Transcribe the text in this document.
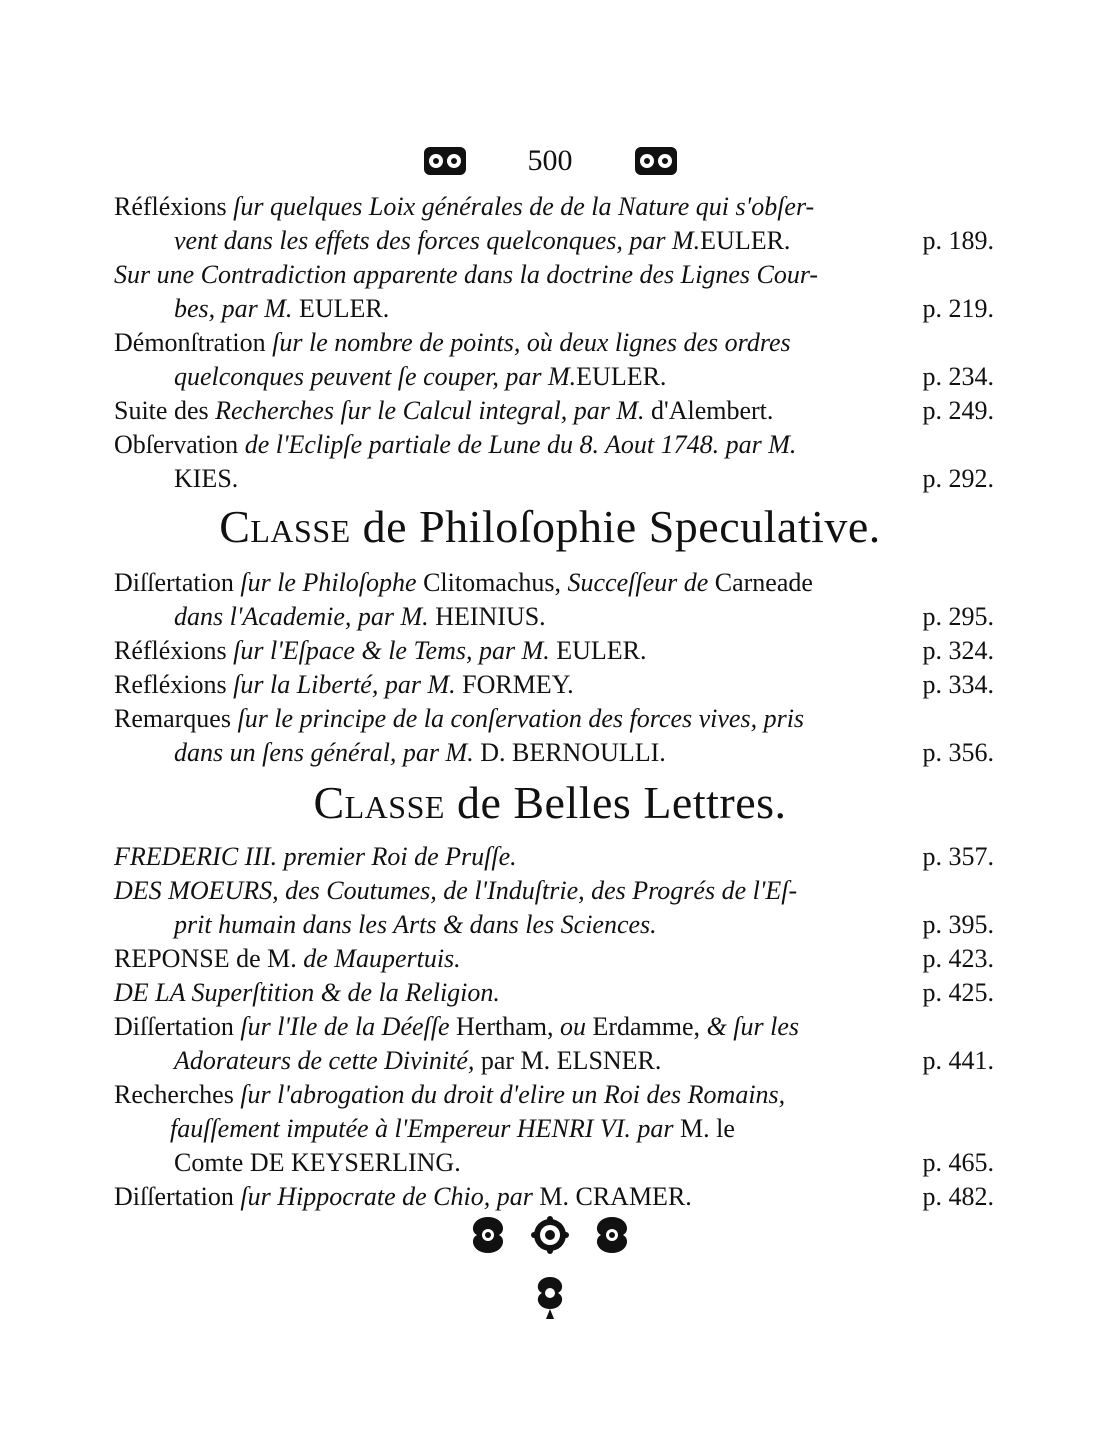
500
Réfléxions ſur quelques Loix générales de de la Nature qui s'obſer-
vent dans les effets des forces quelconques, par M.EULER.	p. 189.
Sur une Contradiction apparente dans la doctrine des Lignes Cour-
bes, par M. EULER.	p. 219.
Démonſtration ſur le nombre de points, où deux lignes des ordres
quelconques peuvent ſe couper, par M.EULER.	p. 234.
Suite des Recherches ſur le Calcul integral, par M. d'Alembert.	p. 249.
Obſervation de l'Eclipſe partiale de Lune du 8. Aout 1748. par M.
KIES.	p. 292.
Classe de Philoſophie Speculative.
Diſſertation ſur le Philoſophe Clitomachus, Succeſſeur de Carneade
dans l'Academie, par M. HEINIUS.	p. 295.
Réfléxions ſur l'Eſpace & le Tems, par M. EULER.	p. 324.
Refléxions ſur la Liberté, par M. FORMEY.	p. 334.
Remarques ſur le principe de la conſervation des forces vives, pris
dans un ſens général, par M. D. BERNOULLI.	p. 356.
Classe de Belles Lettres.
FREDERIC III. premier Roi de Pruſſe.	p. 357.
DES MOEURS, des Coutumes, de l'Induſtrie, des Progrés de l'Eſ-
prit humain dans les Arts & dans les Sciences.	p. 395.
REPONSE de M. de Maupertuis.	p. 423.
DE LA Superſtition & de la Religion.	p. 425.
Diſſertation ſur l'Ile de la Déeſſe Hertham, ou Erdamme, & ſur les
Adorateurs de cette Divinité, par M. ELSNER.	p. 441.
Recherches ſur l'abrogation du droit d'elire un Roi des Romains,
fauſſement imputée à l'Empereur HENRI VI. par M. le
Comte DE KEYSERLING.	p. 465.
Diſſertation ſur Hippocrate de Chio, par M. CRAMER.	p. 482.
